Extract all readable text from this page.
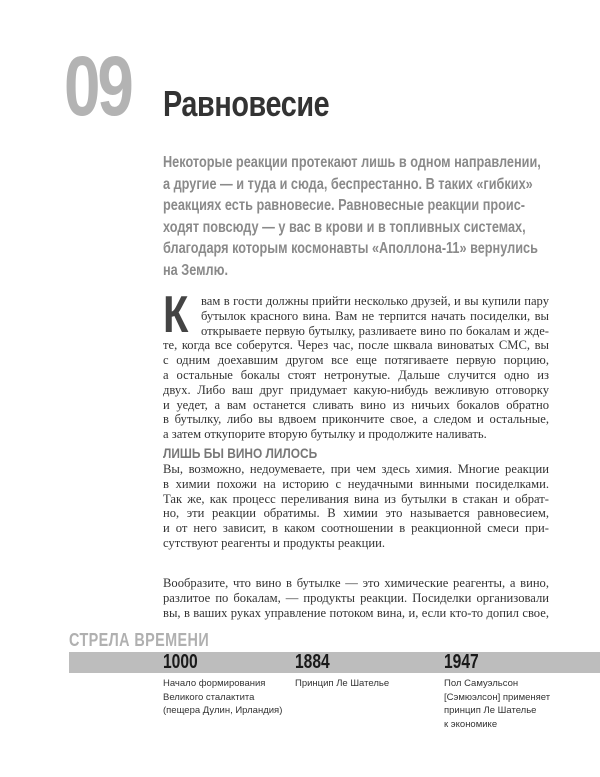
09 Равновесие
Некоторые реакции протекают лишь в одном направлении,
а другие — и туда и сюда, беспрестанно. В таких «гибких»
реакциях есть равновесие. Равновесные реакции проис-
ходят повсюду — у вас в крови и в топливных системах,
благодаря которым космонавты «Аполлона-11» вернулись
на Землю.
К	вам в гости должны прийти несколько друзей, и вы купили пару
бутылок красного вина. Вам не терпится начать посиделки, вы
открываете первую бутылку, разливаете вино по бокалам и жде-
те, когда все соберутся. Через час, после шквала виноватых СМС, вы
с одним доехавшим другом все еще потягиваете первую порцию,
а остальные бокалы стоят нетронутые. Дальше случится одно из
двух. Либо ваш друг придумает какую-нибудь вежливую отговорку
и уедет, а вам останется сливать вино из ничьих бокалов обратно
в бутылку, либо вы вдвоем прикончите свое, а следом и остальные,
а затем откупорите вторую бутылку и продолжите наливать.
ЛИШЬ БЫ ВИНО ЛИЛОСЬ
Вы, возможно, недоумеваете, при чем здесь химия. Многие реакции
в химии похожи на историю с неудачными винными посиделками.
Так же, как процесс переливания вина из бутылки в стакан и обрат-
но, эти реакции обратимы. В химии это называется равновесием,
и от него зависит, в каком соотношении в реакционной смеси при-
сутствуют реагенты и продукты реакции.
Вообразите, что вино в бутылке — это химические реагенты, а вино,
разлитое по бокалам, — продукты реакции. Посиделки организовали
вы, в ваших руках управление потоком вина, и, если кто-то допил свое,
СТРЕЛА ВРЕМЕНИ
1000
Начало формирования
Великого сталактита
(пещера Дулин, Ирландия)
1884
Принцип Ле Шателье
1947
Пол Самуэльсон
[Сэмюэлсон] применяет
принцип Ле Шателье
к экономике
